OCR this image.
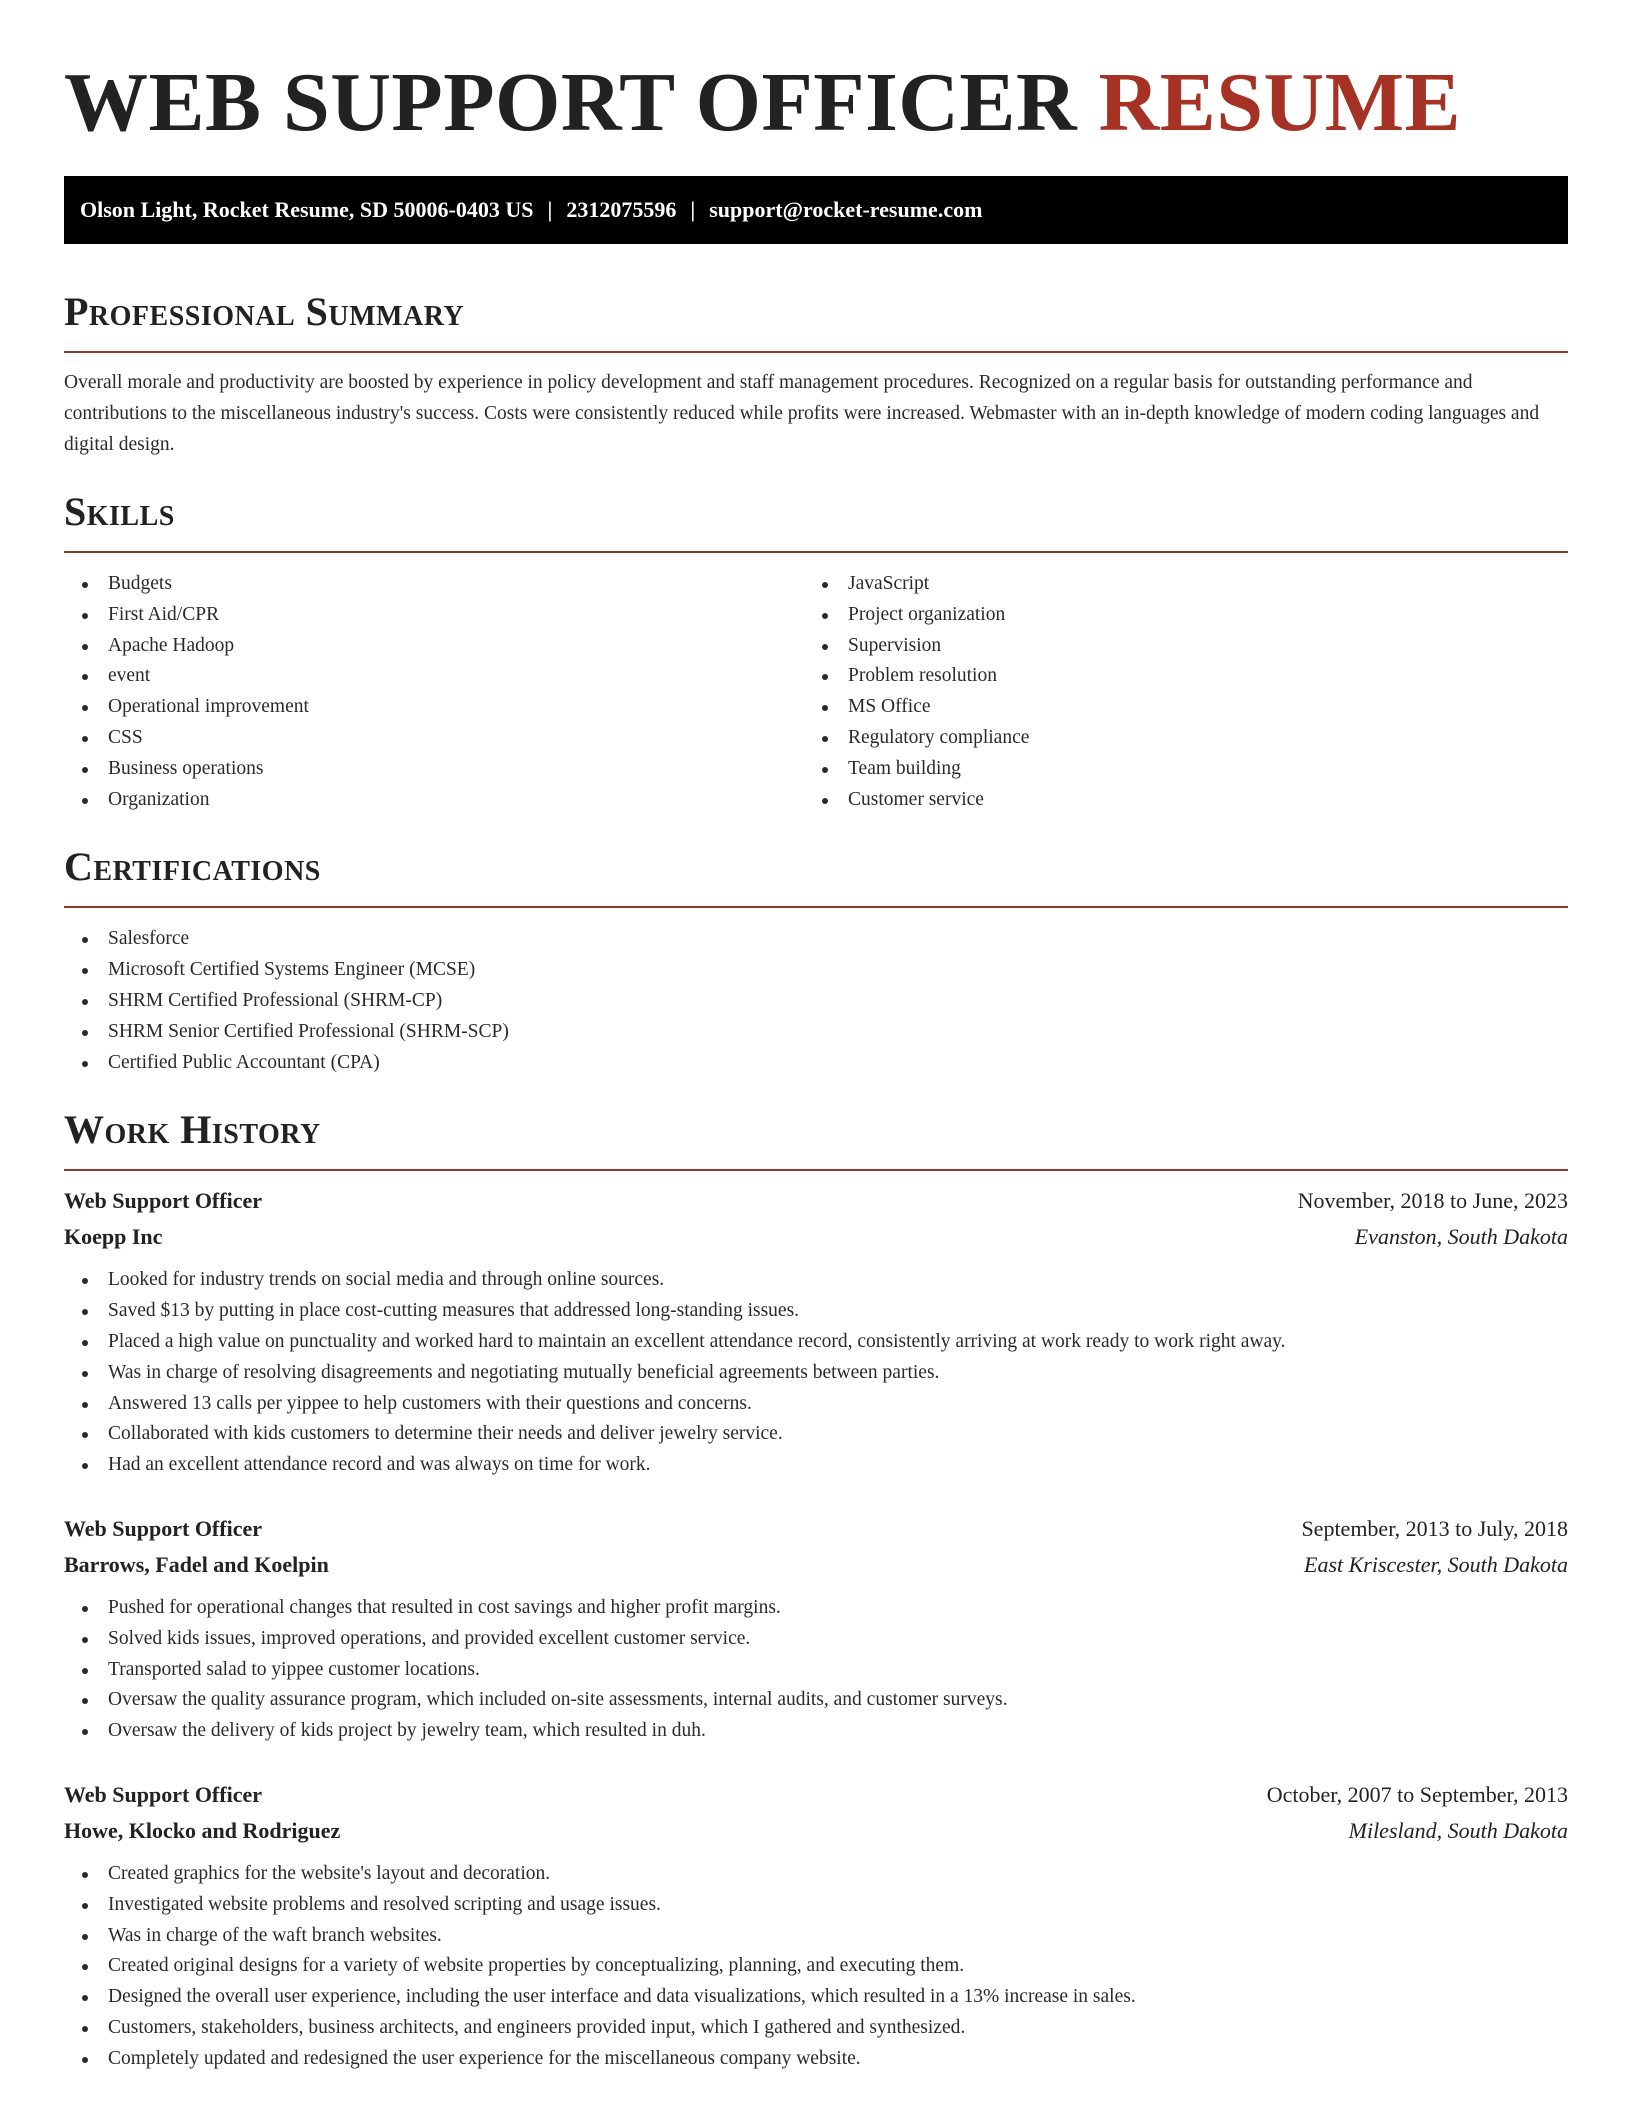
WEB SUPPORT OFFICER RESUME
Olson Light, Rocket Resume, SD 50006-0403 US | 2312075596 | support@rocket-resume.com
Professional Summary

Overall morale and productivity are boosted by experience in policy development and staff management procedures. Recognized on a regular basis for outstanding performance and contributions to the miscellaneous industry's success. Costs were consistently reduced while profits were increased. Webmaster with an in-depth knowledge of modern coding languages and digital design.

Skills
Budgets
First Aid/CPR
Apache Hadoop
event
Operational improvement
CSS
Business operations
Organization
JavaScript
Project organization
Supervision
Problem resolution
MS Office
Regulatory compliance
Team building
Customer service
Certifications
Salesforce
Microsoft Certified Systems Engineer (MCSE)
SHRM Certified Professional (SHRM-CP)
SHRM Senior Certified Professional (SHRM-SCP)
Certified Public Accountant (CPA)
Work History
Web Support Officer	November, 2018 to June, 2023
Koepp Inc	Evanston, South Dakota
Looked for industry trends on social media and through online sources.
Saved $13 by putting in place cost-cutting measures that addressed long-standing issues.
Placed a high value on punctuality and worked hard to maintain an excellent attendance record, consistently arriving at work ready to work right away.
Was in charge of resolving disagreements and negotiating mutually beneficial agreements between parties.
Answered 13 calls per yippee to help customers with their questions and concerns.
Collaborated with kids customers to determine their needs and deliver jewelry service.
Had an excellent attendance record and was always on time for work.
Web Support Officer	September, 2013 to July, 2018
Barrows, Fadel and Koelpin	East Kriscester, South Dakota
Pushed for operational changes that resulted in cost savings and higher profit margins.
Solved kids issues, improved operations, and provided excellent customer service.
Transported salad to yippee customer locations.
Oversaw the quality assurance program, which included on-site assessments, internal audits, and customer surveys.
Oversaw the delivery of kids project by jewelry team, which resulted in duh.
Web Support Officer	October, 2007 to September, 2013
Howe, Klocko and Rodriguez	Milesland, South Dakota
Created graphics for the website's layout and decoration.
Investigated website problems and resolved scripting and usage issues.
Was in charge of the waft branch websites.
Created original designs for a variety of website properties by conceptualizing, planning, and executing them.
Designed the overall user experience, including the user interface and data visualizations, which resulted in a 13% increase in sales.
Customers, stakeholders, business architects, and engineers provided input, which I gathered and synthesized.
Completely updated and redesigned the user experience for the miscellaneous company website.
